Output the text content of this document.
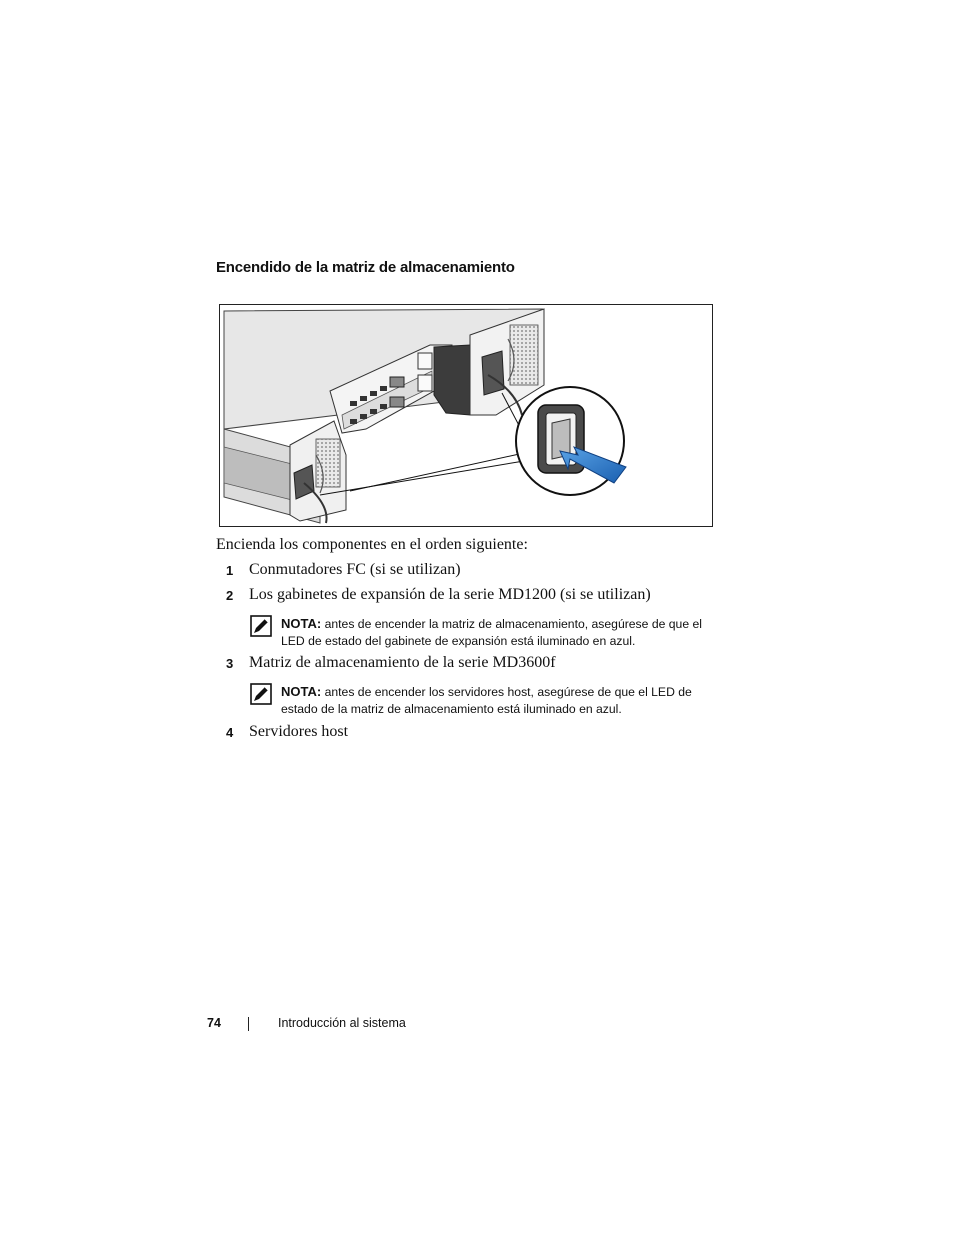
Encendido de la matriz de almacenamiento

Encienda los componentes en el orden siguiente:

1 Conmutadores FC (si se utilizan)
2 Los gabinetes de expansión de la serie MD1200 (si se utilizan)
NOTA: antes de encender la matriz de almacenamiento, asegúrese de que el LED de estado del gabinete de expansión está iluminado en azul.
3 Matriz de almacenamiento de la serie MD3600f
NOTA: antes de encender los servidores host, asegúrese de que el LED de estado de la matriz de almacenamiento está iluminado en azul.
4 Servidores host
74	Introducción al sistema
